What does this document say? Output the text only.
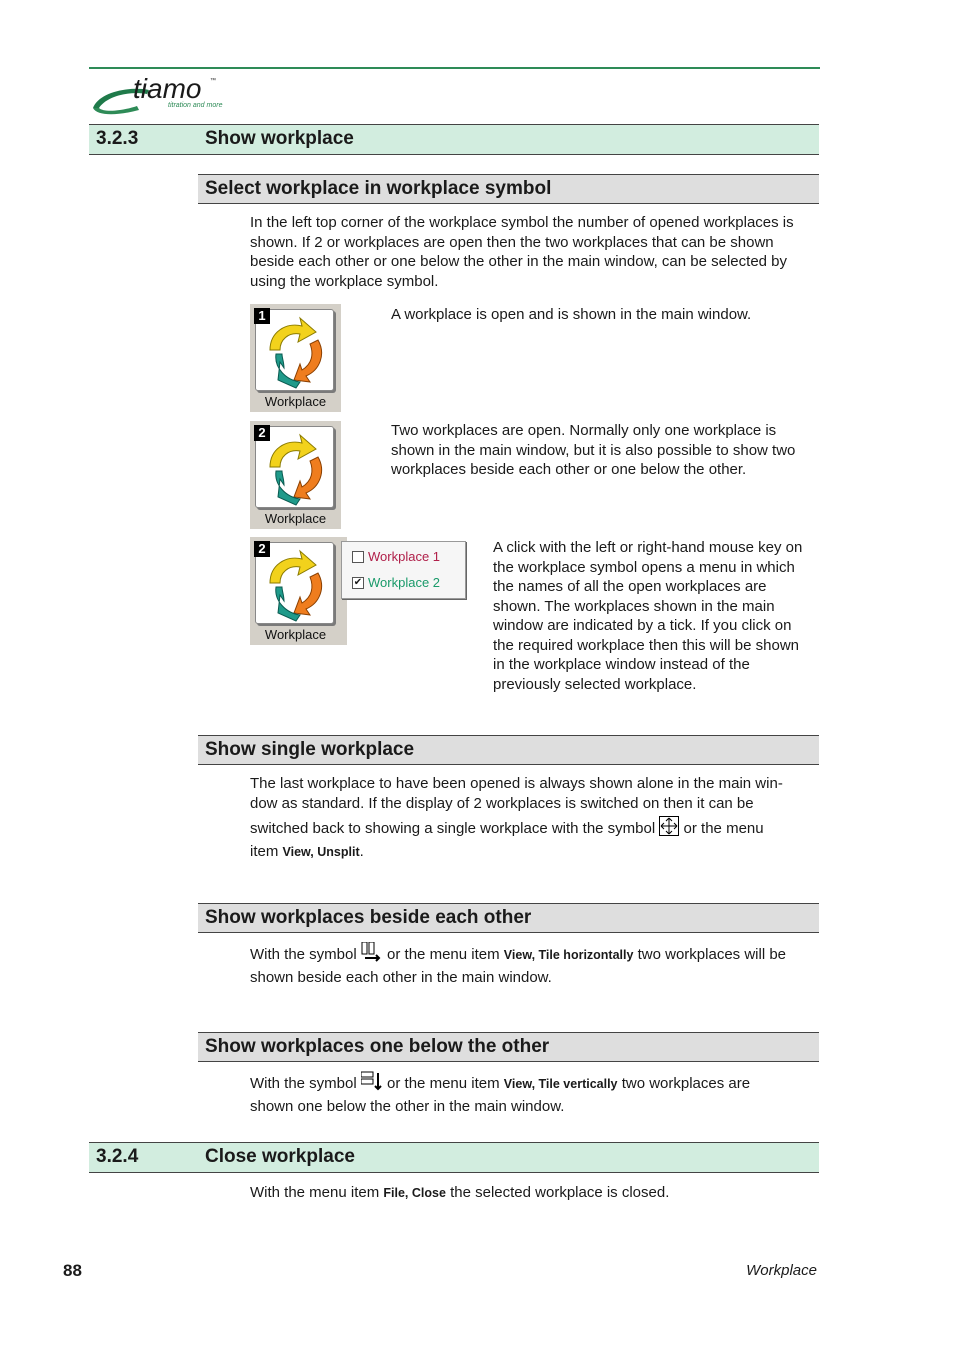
tiamo ™
titration and more
3.2.3	Show workplace
Select workplace in workplace symbol
In the left top corner of the workplace symbol the number of opened workplaces is shown. If 2 or workplaces are open then the two workplaces that can be shown beside each other or one below the other in the main window, can be selected by using the workplace symbol.
1
Workplace
A workplace is open and is shown in the main window.
2
Workplace
Two workplaces are open. Normally only one workplace is shown in the main window, but it is also possible to show two workplaces beside each other or one below the other.
2
Workplace
Workplace 1
✔ Workplace 2
A click with the left or right-hand mouse key on the workplace symbol opens a menu in which the names of all the open workplaces are shown. The workplaces shown in the main window are indicated by a tick. If you click on the required workplace then this will be shown in the workplace window instead of the previously selected workplace.
Show single workplace
The last workplace to have been opened is always shown alone in the main win-
dow as standard. If the display of 2 workplaces is switched on then it can be
switched back to showing a single workplace with the symbol or the menu
item View, Unsplit.
Show workplaces beside each other
With the symbol or the menu item View, Tile horizontally two workplaces will be
shown beside each other in the main window.
Show workplaces one below the other
With the symbol or the menu item View, Tile vertically two workplaces are
shown one below the other in the main window.
3.2.4	Close workplace
With the menu item File, Close the selected workplace is closed.
88	Workplace
